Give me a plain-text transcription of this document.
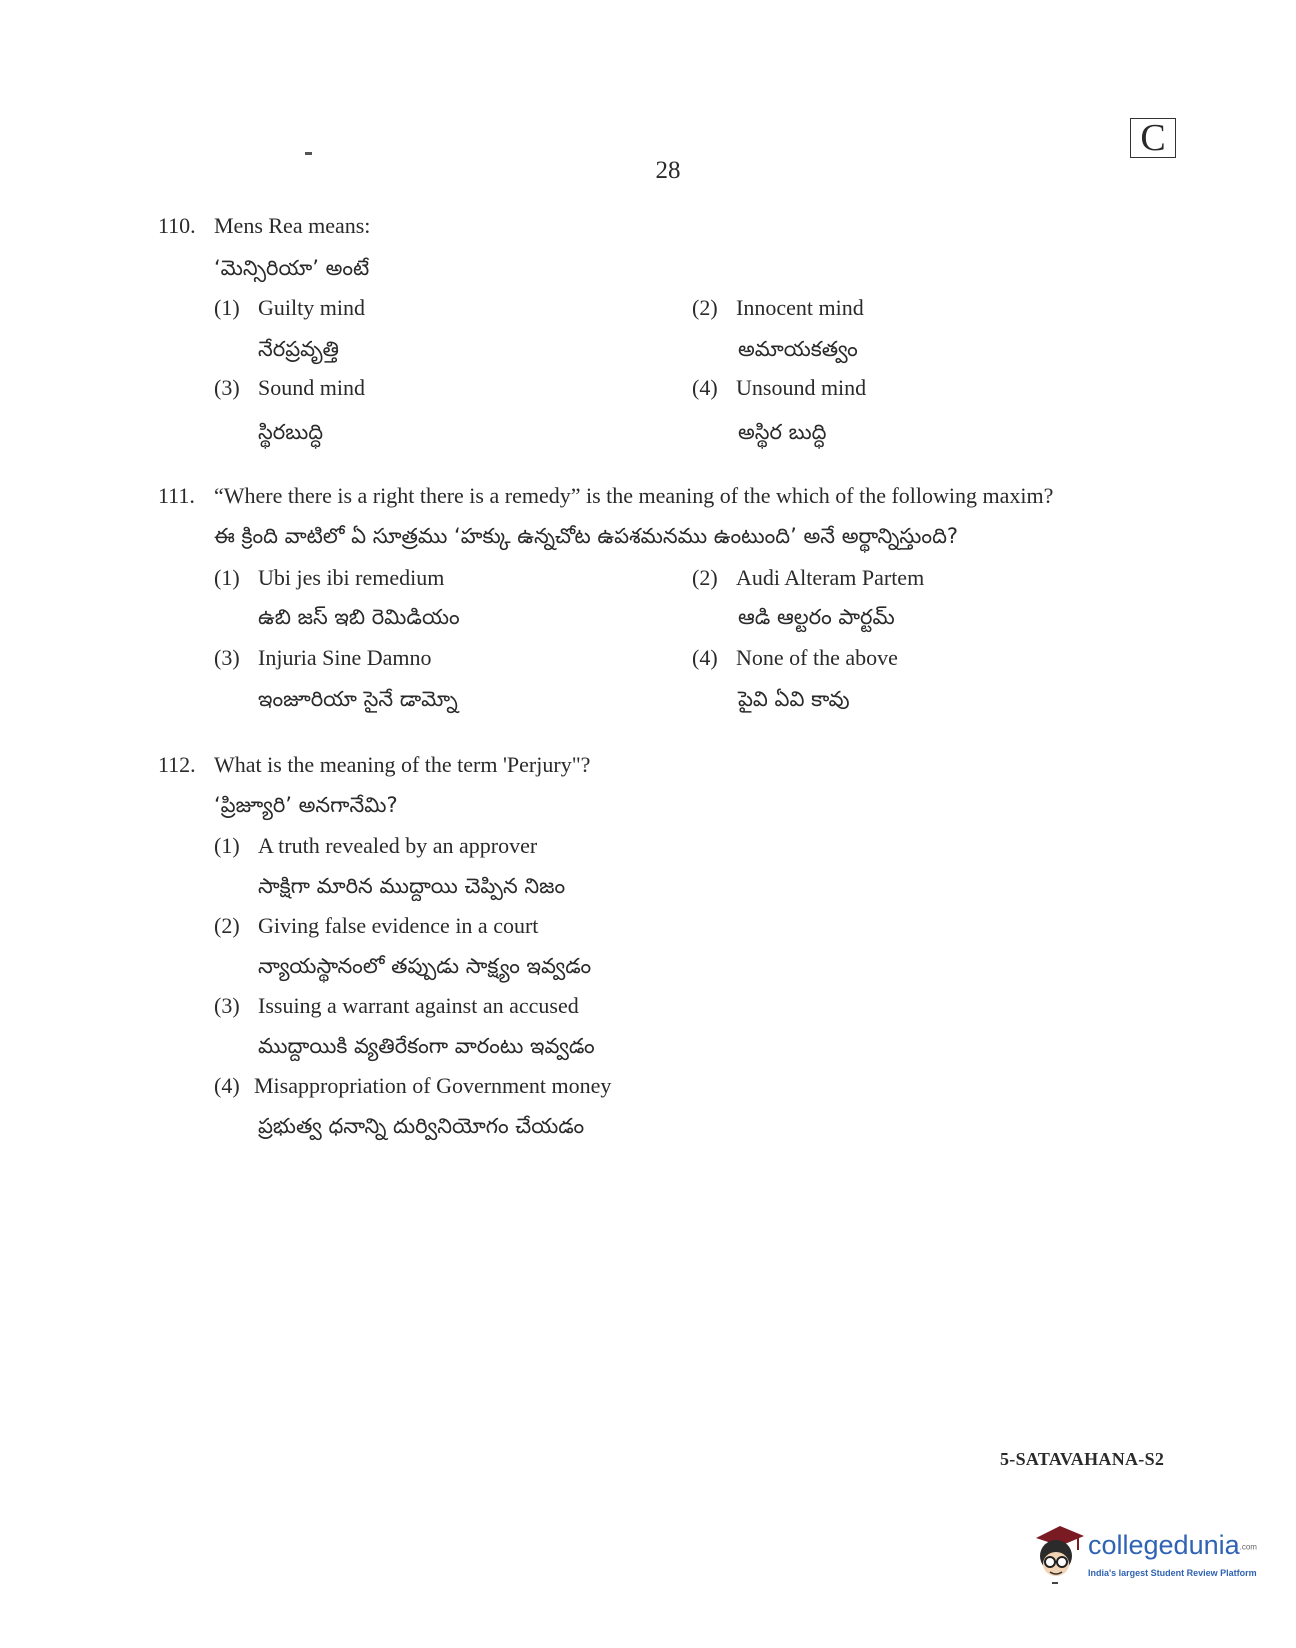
28
C
110. Mens Rea means:
‘మెన్సిరియా’ అంటే
(1) Guilty mind
నేరప్రవృత్తి
(2) Innocent mind
అమాయకత్వం
(3) Sound mind
స్థిరబుద్ధి
(4) Unsound mind
అస్థిర బుద్ధి
111. “Where there is a right there is a remedy” is the meaning of the which of the following maxim?
ఈ క్రింది వాటిలో ఏ సూత్రము ‘హక్కు ఉన్నచోట ఉపశమనము ఉంటుంది’ అనే అర్థాన్నిస్తుంది?
(1) Ubi jes ibi remedium
ఉబి జస్ ఇబి రెమిడియం
(2) Audi Alteram Partem
ఆడి ఆల్టరం పార్టమ్
(3) Injuria Sine Damno
ఇంజూరియా సైనే డామ్నో
(4) None of the above
పైవి ఏవి కావు
112. What is the meaning of the term 'Perjury"?
‘ప్రిజ్యూరి’ అనగానేమి?
(1) A truth revealed by an approver
సాక్షిగా మారిన ముద్దాయి చెప్పిన నిజం
(2) Giving false evidence in a court
న్యాయస్థానంలో తప్పుడు సాక్ష్యం ఇవ్వడం
(3) Issuing a warrant against an accused
ముద్దాయికి వ్యతిరేకంగా వారంటు ఇవ్వడం
(4) Misappropriation of Government money
ప్రభుత్వ ధనాన్ని దుర్వినియోగం చేయడం
5-SATAVAHANA-S2
collegedunia.com
India's largest Student Review Platform
